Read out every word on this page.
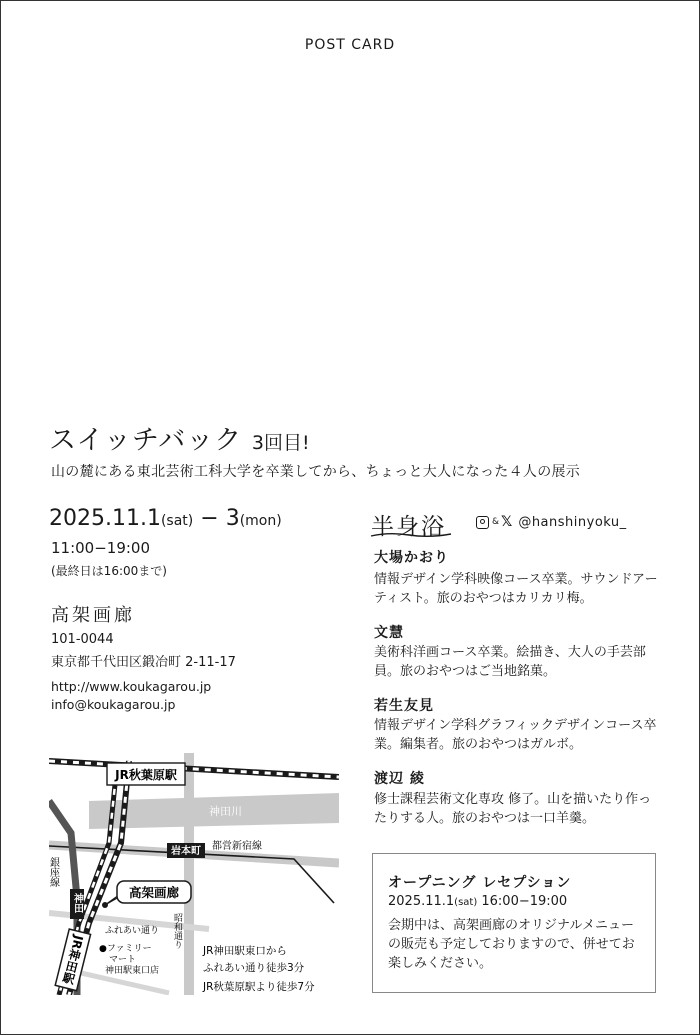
POST CARD

スイッチバック 3回目!

山の麓にある東北芸術工科大学を卒業してから、ちょっと大人になった４人の展示

2025.11.1(sat) − 3(mon)

11:00−19:00

(最終日は16:00まで)

高架画廊

101-0044

東京都千代田区鍛冶町 2-11-17

http://www.koukagarou.jp

info@koukagarou.jp

半身浴	& 𝕏 @hanshinyoku_

大場かおり

情報デザイン学科映像コース卒業。サウンドアーティスト。旅のおやつはカリカリ梅。

文慧

美術科洋画コース卒業。絵描き、大人の手芸部員。旅のおやつはご当地銘菓。

若生友見

情報デザイン学科グラフィックデザインコース卒業。編集者。旅のおやつはガルボ。

渡辺 綾

修士課程芸術文化専攻 修了。山を描いたり作ったりする人。旅のおやつは一口羊羹。

オープニング レセプション

2025.11.1(sat) 16:00−19:00

会期中は、高架画廊のオリジナルメニューの販売も予定しておりますので、併せてお楽しみください。

JR秋葉原駅
神田川
岩本町 都営新宿線
銀座線
神田
高架画廊
ふれあい通り 昭和通り
JR神田駅 ●ファミリー
マート
神田駅東口店
JR神田駅東口から
ふれあい通り徒歩3分
JR秋葉原駅より徒歩7分
